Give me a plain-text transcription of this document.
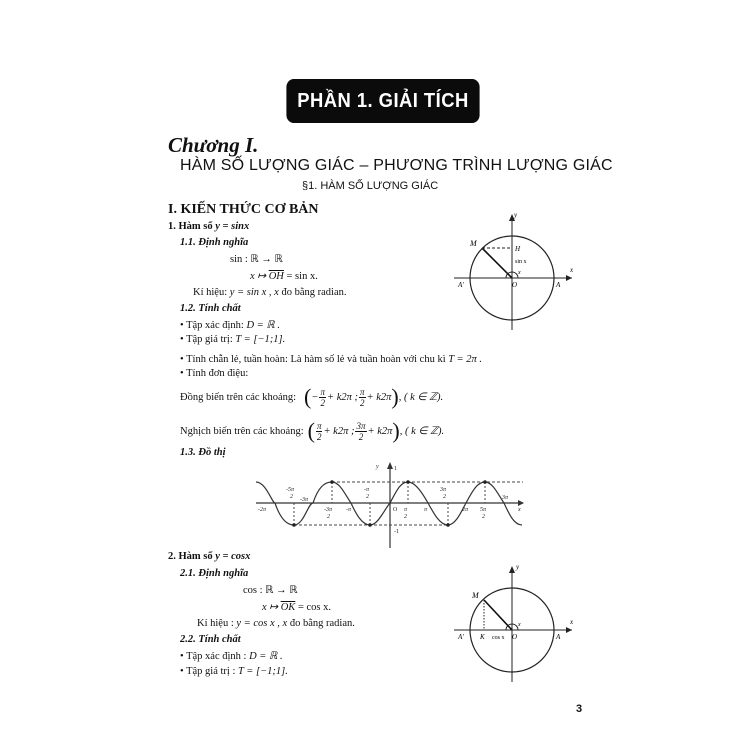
PHẦN 1. GIẢI TÍCH
Chương I.
HÀM SỐ LƯỢNG GIÁC – PHƯƠNG TRÌNH LƯỢNG GIÁC
§1. HÀM SỐ LƯỢNG GIÁC
I. KIẾN THỨC CƠ BẢN
1. Hàm số y = sinx
1.1. Định nghĩa
sin : ℝ → ℝ
x ↦ $\overline{OH} = \sin x$.
Kí hiệu: y = sin x , x đo bằng radian.
1.2. Tính chất
• Tập xác định: D = ℝ .
• Tập giá trị: T = [−1;1].
• Tính chẵn lẻ, tuần hoàn: Là hàm số lẻ và tuần hoàn với chu kì T = 2π .
• Tính đơn điệu:
Đồng biến trên các khoảng: ( − $\frac{\pi}{2} + k2\pi$ ; $\frac{\pi}{2} + k2\pi$ ) , ( k ∈ ℤ).
Nghịch biến trên các khoảng: ( $\frac{\pi}{2} + k2\pi$ ; $\frac{3\pi}{2} + k2\pi$ ) , ( k ∈ ℤ).
1.3. Đồ thị
y
x
M
H
sin x
x
O	A
A'
y	1
-1
O	x
-2π	-3π
2
-π	π
2
π	2π 5π
2
-5π
2 -3π
-π
2
3π
2	3π
2. Hàm số y = cosx
2.1. Định nghĩa
cos : ℝ → ℝ
x ↦ $\overline{OK} = \cos x$.
Kí hiệu : y = cos x , x đo bằng radian.
2.2. Tính chất
• Tập xác định : D = ℝ .
• Tập giá trị : T = [−1;1].
y
x
M
K cos x
x
O	A
A'
3
